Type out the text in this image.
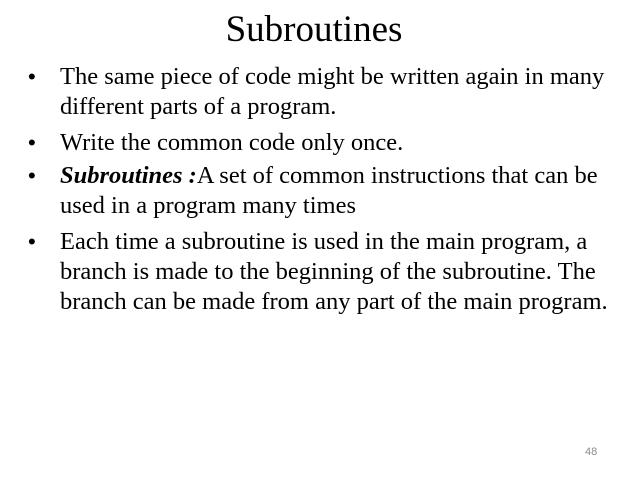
Subroutines
• The same piece of code might be written again in many different parts of a program.
• Write the common code only once.
• Subroutines :A set of common instructions that can be used in a program many times
• Each time a subroutine is used in the main program, a branch is made to the beginning of the subroutine. The branch can be made from any part of the main program.
48
